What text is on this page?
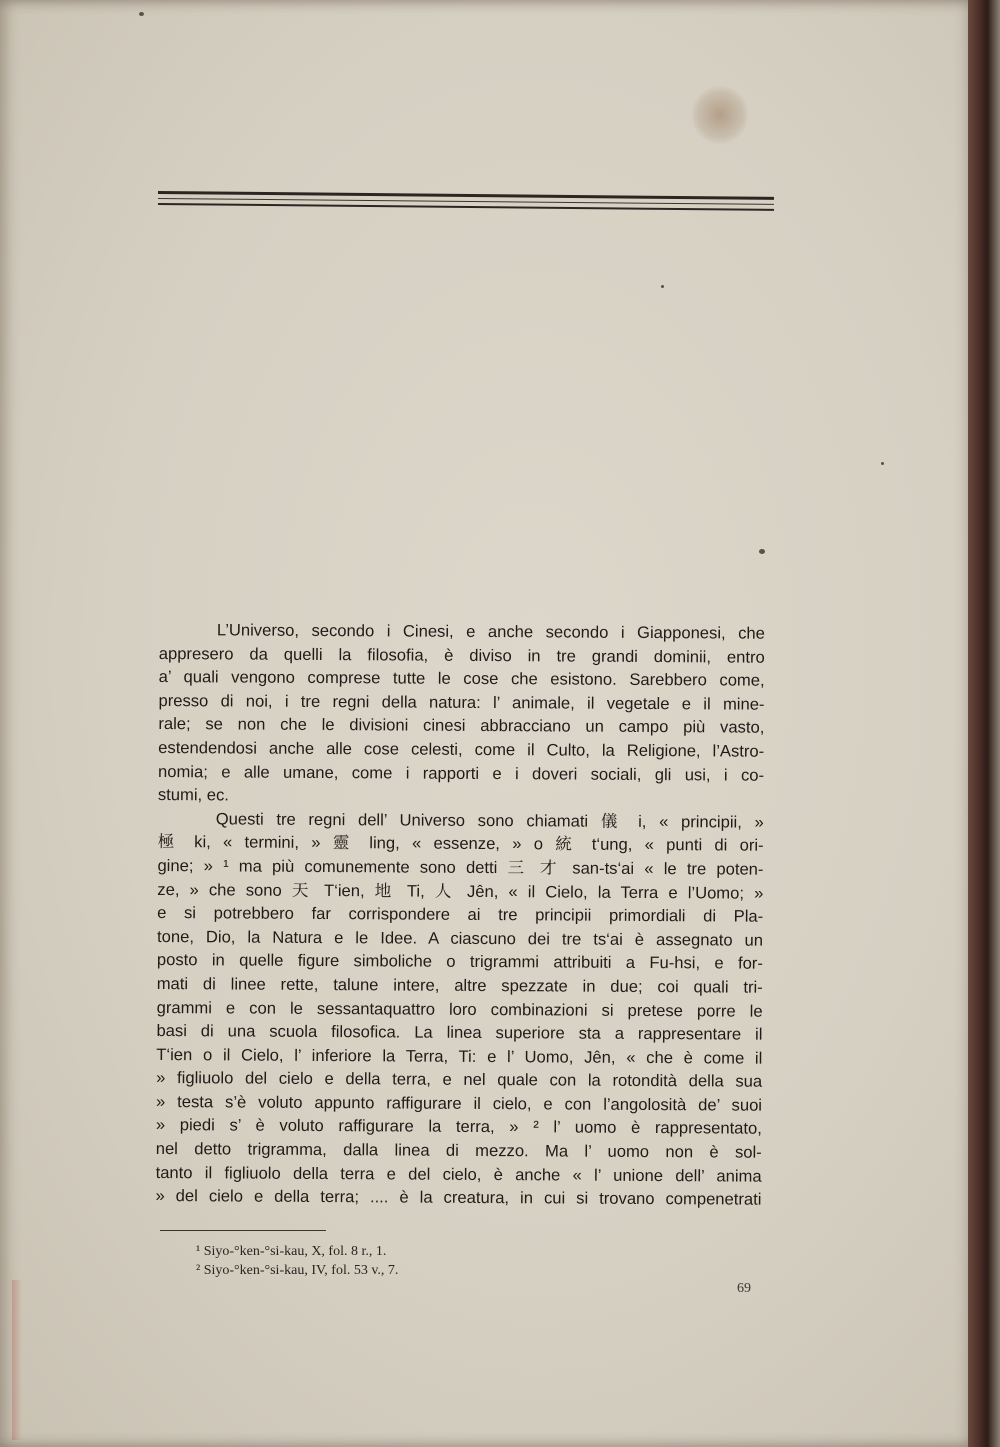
L’Universo, secondo i Cinesi, e anche secondo i Giapponesi, che
appresero da quelli la filosofia, è diviso in tre grandi dominii, entro
a’ quali vengono comprese tutte le cose che esistono. Sarebbero come,
presso di noi, i tre regni della natura: l’ animale, il vegetale e il mine-
rale; se non che le divisioni cinesi abbracciano un campo più vasto,
estendendosi anche alle cose celesti, come il Culto, la Religione, l’Astro-
nomia; e alle umane, come i rapporti e i doveri sociali, gli usi, i co-
stumi, ec.
Questi tre regni dell’ Universo sono chiamati 儀 i, « principii, »
極 ki, « termini, » 靈 ling, « essenze, » o 統 t‘ung, « punti di ori-
gine; » ¹ ma più comunemente sono detti 三 才 san-ts‘ai « le tre poten-
ze, » che sono 天 T‘ien, 地 Ti, 人 Jên, « il Cielo, la Terra e l’Uomo; »
e si potrebbero far corrispondere ai tre principii primordiali di Pla-
tone, Dio, la Natura e le Idee. A ciascuno dei tre ts‘ai è assegnato un
posto in quelle figure simboliche o trigrammi attribuiti a Fu-hsi, e for-
mati di linee rette, talune intere, altre spezzate in due; coi quali tri-
grammi e con le sessantaquattro loro combinazioni si pretese porre le
basi di una scuola filosofica. La linea superiore sta a rappresentare il
T‘ien o il Cielo, l’ inferiore la Terra, Ti: e l’ Uomo, Jên, « che è come il
» figliuolo del cielo e della terra, e nel quale con la rotondità della sua
» testa s’è voluto appunto raffigurare il cielo, e con l’angolosità de’ suoi
» piedi s’ è voluto raffigurare la terra, » ² l’ uomo è rappresentato,
nel detto trigramma, dalla linea di mezzo. Ma l’ uomo non è sol-
tanto il figliuolo della terra e del cielo, è anche « l’ unione dell’ anima
» del cielo e della terra; .... è la creatura, in cui si trovano compenetrati
¹ Siyo-°ken-°si-kau, X, fol. 8 r., 1.
² Siyo-°ken-°si-kau, IV, fol. 53 v., 7.
69
